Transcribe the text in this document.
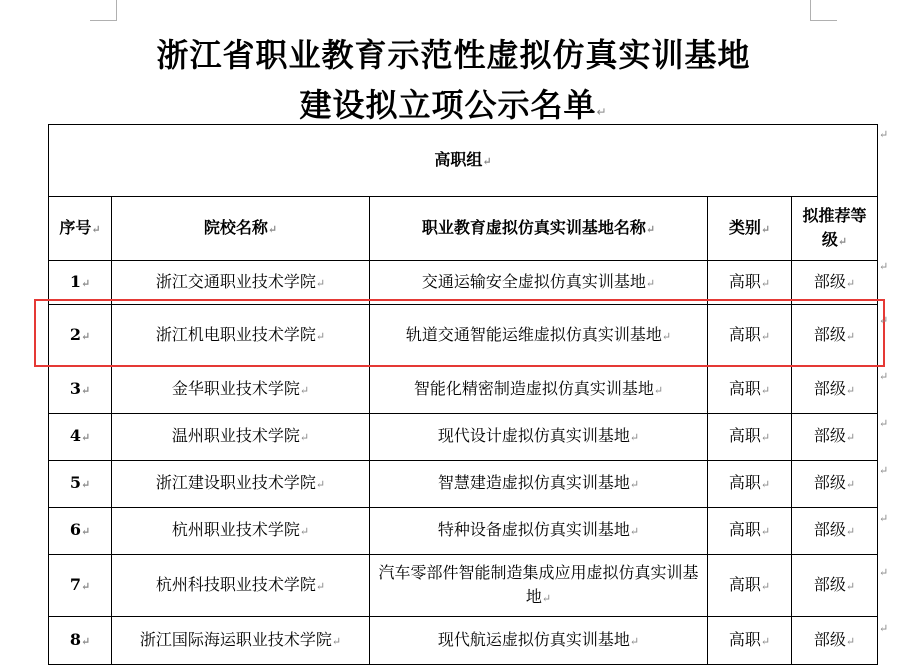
浙江省职业教育示范性虚拟仿真实训基地
建设拟立项公示名单↵
高职组↵				
序号↵	院校名称↵	职业教育虚拟仿真实训基地名称↵	类别↵	拟推荐等级↵
1↵	浙江交通职业技术学院↵	交通运输安全虚拟仿真实训基地↵	高职↵	部级↵
2↵	浙江机电职业技术学院↵	轨道交通智能运维虚拟仿真实训基地↵	高职↵	部级↵
3↵	金华职业技术学院↵	智能化精密制造虚拟仿真实训基地↵	高职↵	部级↵
4↵	温州职业技术学院↵	现代设计虚拟仿真实训基地↵	高职↵	部级↵
5↵	浙江建设职业技术学院↵	智慧建造虚拟仿真实训基地↵	高职↵	部级↵
6↵	杭州职业技术学院↵	特种设备虚拟仿真实训基地↵	高职↵	部级↵
7↵	杭州科技职业技术学院↵	汽车零部件智能制造集成应用虚拟仿真实训基地↵	高职↵	部级↵
8↵	浙江国际海运职业技术学院↵	现代航运虚拟仿真实训基地↵	高职↵	部级↵
↵
↵
↵
↵
↵
↵
↵
↵
↵
